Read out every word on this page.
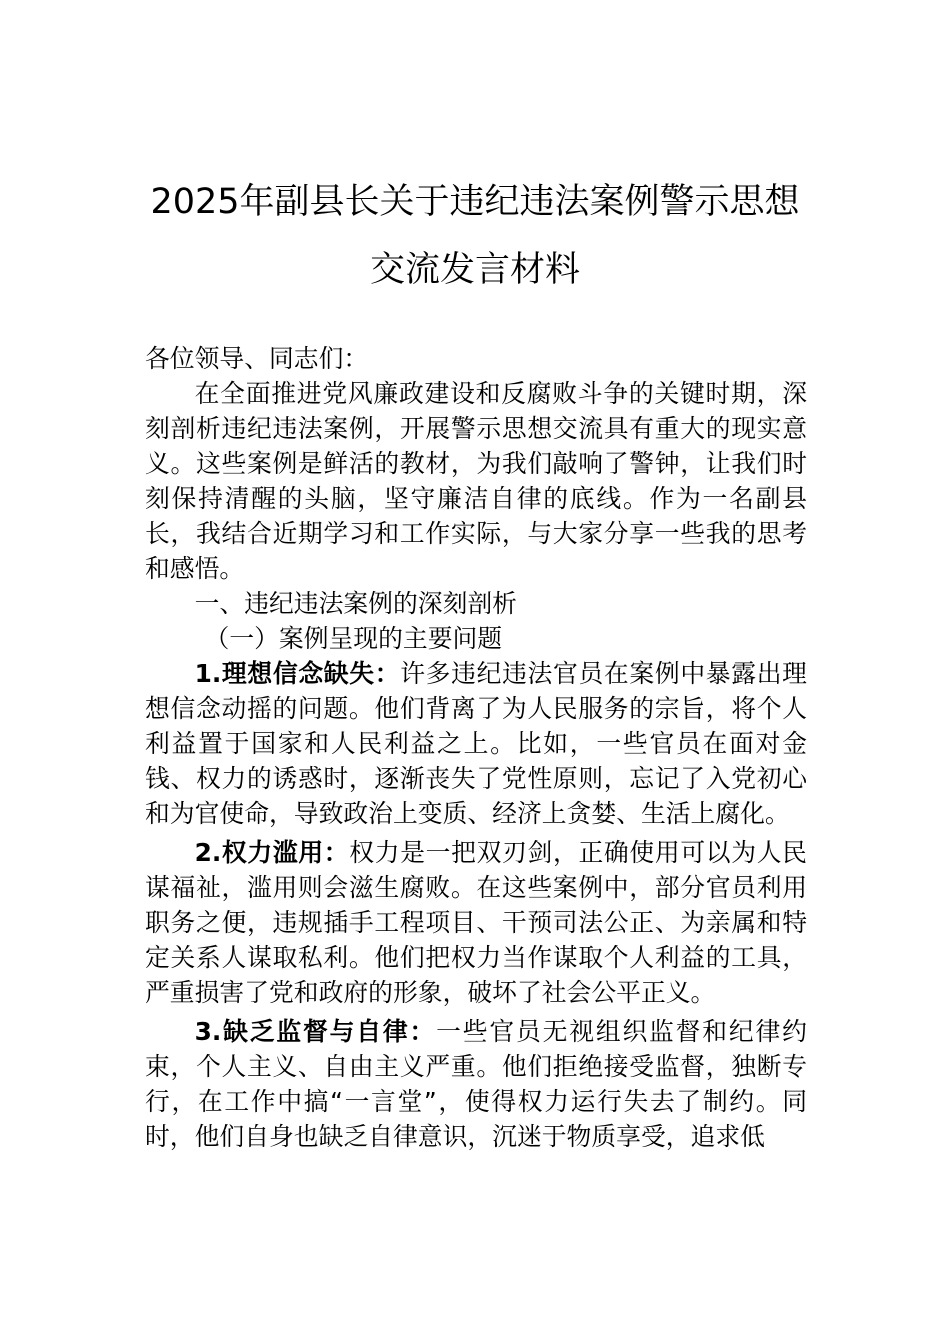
2025年副县长关于违纪违法案例警示思想
交流发言材料

各位领导、同志们：

在全面推进党风廉政建设和反腐败斗争的关键时期，深刻剖析违纪违法案例，开展警示思想交流具有重大的现实意义。这些案例是鲜活的教材，为我们敲响了警钟，让我们时刻保持清醒的头脑，坚守廉洁自律的底线。作为一名副县长，我结合近期学习和工作实际，与大家分享一些我的思考和感悟。

一、违纪违法案例的深刻剖析

（一）案例呈现的主要问题

1.理想信念缺失：许多违纪违法官员在案例中暴露出理想信念动摇的问题。他们背离了为人民服务的宗旨，将个人利益置于国家和人民利益之上。比如，一些官员在面对金钱、权力的诱惑时，逐渐丧失了党性原则，忘记了入党初心和为官使命，导致政治上变质、经济上贪婪、生活上腐化。

2.权力滥用：权力是一把双刃剑，正确使用可以为人民谋福祉，滥用则会滋生腐败。在这些案例中，部分官员利用职务之便，违规插手工程项目、干预司法公正、为亲属和特定关系人谋取私利。他们把权力当作谋取个人利益的工具，严重损害了党和政府的形象，破坏了社会公平正义。

3.缺乏监督与自律：一些官员无视组织监督和纪律约束，个人主义、自由主义严重。他们拒绝接受监督，独断专行，在工作中搞“一言堂”，使得权力运行失去了制约。同时，他们自身也缺乏自律意识，沉迷于物质享受，追求低
